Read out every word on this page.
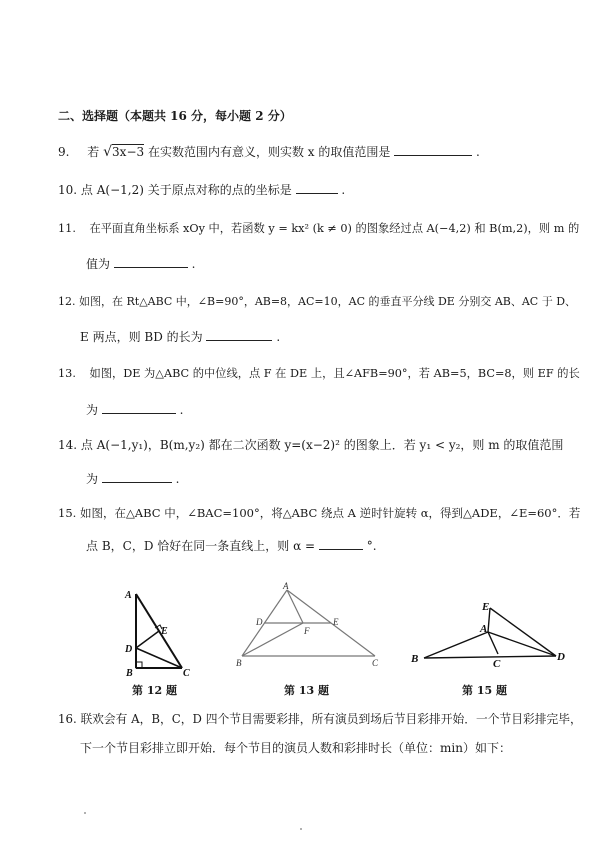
二、选择题（本题共 16 分，每小题 2 分）
9. 若 √3x−3 在实数范围内有意义，则实数 x 的取值范围是	.
10. 点 A(−1,2) 关于原点对称的点的坐标是	.
11. 在平面直角坐标系 xOy 中，若函数 y = kx² (k ≠ 0) 的图象经过点 A(−4,2) 和 B(m,2)，则 m 的
值为	.
12. 如图，在 Rt△ABC 中，∠B=90°，AB=8，AC=10，AC 的垂直平分线 DE 分别交 AB、AC 于 D、
E 两点，则 BD 的长为	.
13. 如图，DE 为△ABC 的中位线，点 F 在 DE 上，且∠AFB=90°，若 AB=5，BC=8，则 EF 的长
为	.
14. 点 A(−1,y₁)，B(m,y₂) 都在二次函数 y=(x−2)² 的图象上．若 y₁ < y₂，则 m 的取值范围
为	.
15. 如图，在△ABC 中，∠BAC=100°，将△ABC 绕点 A 逆时针旋转 α，得到△ADE，∠E=60°．若
点 B，C，D 恰好在同一条直线上，则 α =	°.
A
D
E
B	C
第 12 题
A
D	E
F
B	C
第 13 题
E
A
B	C
D
第 15 题
16. 联欢会有 A，B，C，D 四个节目需要彩排，所有演员到场后节目彩排开始．一个节目彩排完毕，
下一个节目彩排立即开始．每个节目的演员人数和彩排时长（单位：min）如下：
